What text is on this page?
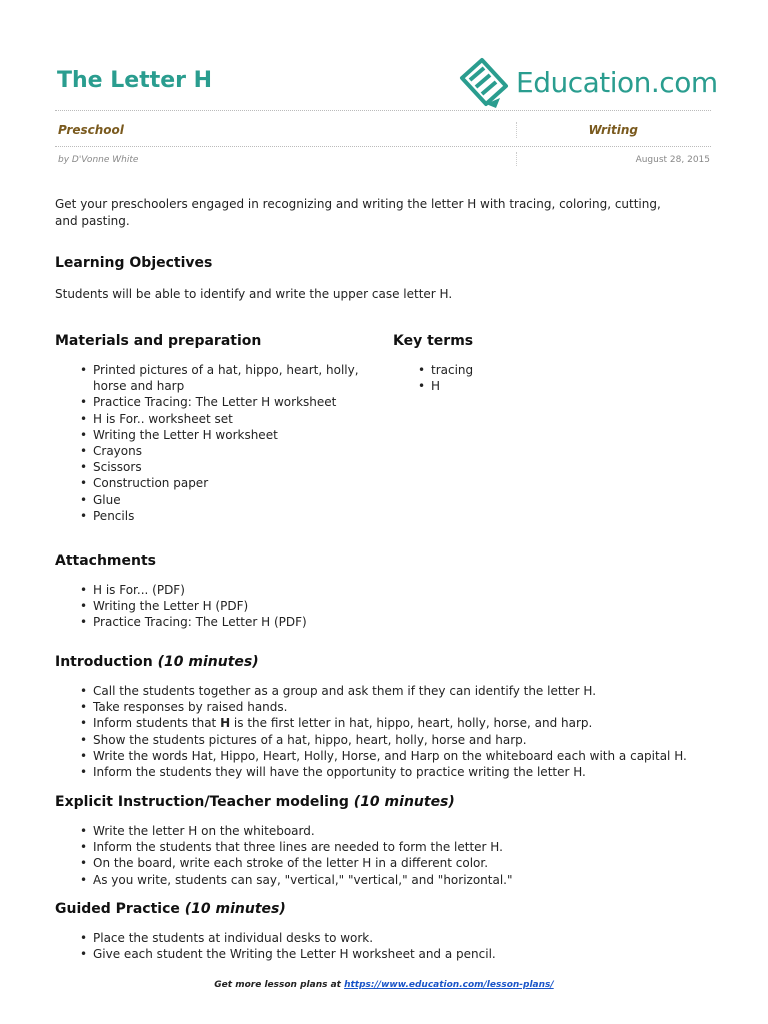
The Letter H	Education.com
Preschool	Writing
by D'Vonne White	August 28, 2015

Get your preschoolers engaged in recognizing and writing the letter H with tracing, coloring, cutting, and pasting.

Learning Objectives

Students will be able to identify and write the upper case letter H.

Materials and preparation
• Printed pictures of a hat, hippo, heart, holly, horse and harp
• Practice Tracing: The Letter H worksheet
• H is For.. worksheet set
• Writing the Letter H worksheet
• Crayons
• Scissors
• Construction paper
• Glue
• Pencils
Key terms
• tracing
• H
Attachments
• H is For... (PDF)
• Writing the Letter H (PDF)
• Practice Tracing: The Letter H (PDF)
Introduction (10 minutes)
• Call the students together as a group and ask them if they can identify the letter H.
• Take responses by raised hands.
• Inform students that H is the first letter in hat, hippo, heart, holly, horse, and harp.
• Show the students pictures of a hat, hippo, heart, holly, horse and harp.
• Write the words Hat, Hippo, Heart, Holly, Horse, and Harp on the whiteboard each with a capital H.
• Inform the students they will have the opportunity to practice writing the letter H.
Explicit Instruction/Teacher modeling (10 minutes)
• Write the letter H on the whiteboard.
• Inform the students that three lines are needed to form the letter H.
• On the board, write each stroke of the letter H in a different color.
• As you write, students can say, "vertical," "vertical," and "horizontal."
Guided Practice (10 minutes)
• Place the students at individual desks to work.
• Give each student the Writing the Letter H worksheet and a pencil.
Get more lesson plans at https://www.education.com/lesson-plans/
